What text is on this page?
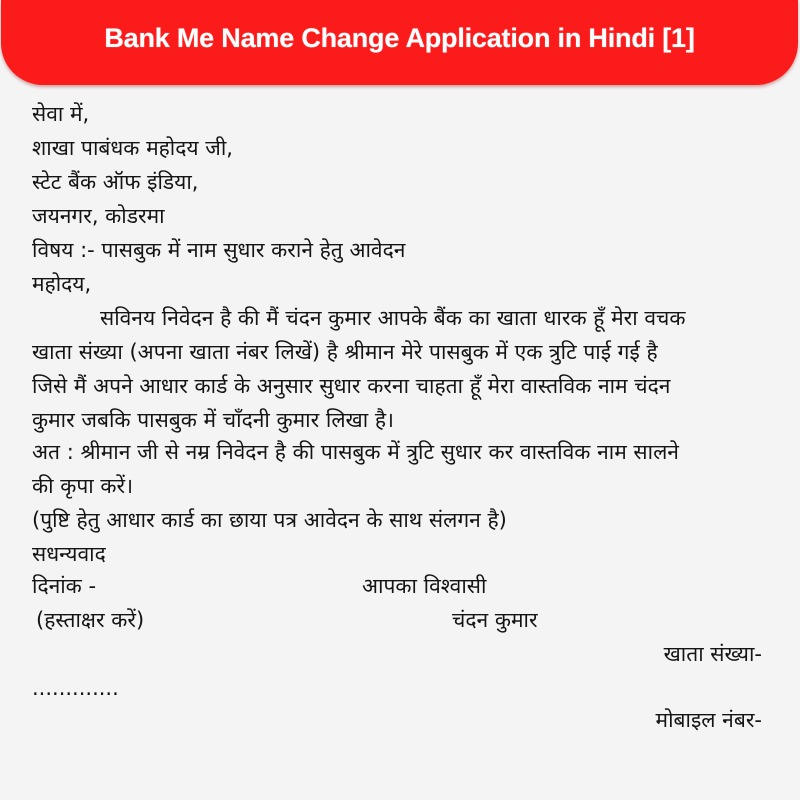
Bank Me Name Change Application in Hindi [1]
सेवा में,
शाखा पाबंधक महोदय जी,
स्टेट बैंक ऑफ इंडिया,
जयनगर, कोडरमा
विषय :- पासबुक में नाम सुधार कराने हेतु आवेदन
महोदय,
सविनय निवेदन है की मैं चंदन कुमार आपके बैंक का खाता धारक हूँ मेरा वचक
खाता संख्या (अपना खाता नंबर लिखें) है श्रीमान मेरे पासबुक में एक त्रुटि पाई गई है
जिसे मैं अपने आधार कार्ड के अनुसार सुधार करना चाहता हूँ मेरा वास्तविक नाम चंदन
कुमार जबकि पासबुक में चाँदनी कुमार लिखा है।
अत : श्रीमान जी से नम्र निवेदन है की पासबुक में त्रुटि सुधार कर वास्तविक नाम सालने
की कृपा करें।
(पुष्टि हेतु आधार कार्ड का छाया पत्र आवेदन के साथ संलगन है)
सधन्यवाद
दिनांक -	आपका विश्वासी
(हस्ताक्षर करें)	चंदन कुमार
खाता संख्या-
.............
मोबाइल नंबर-
